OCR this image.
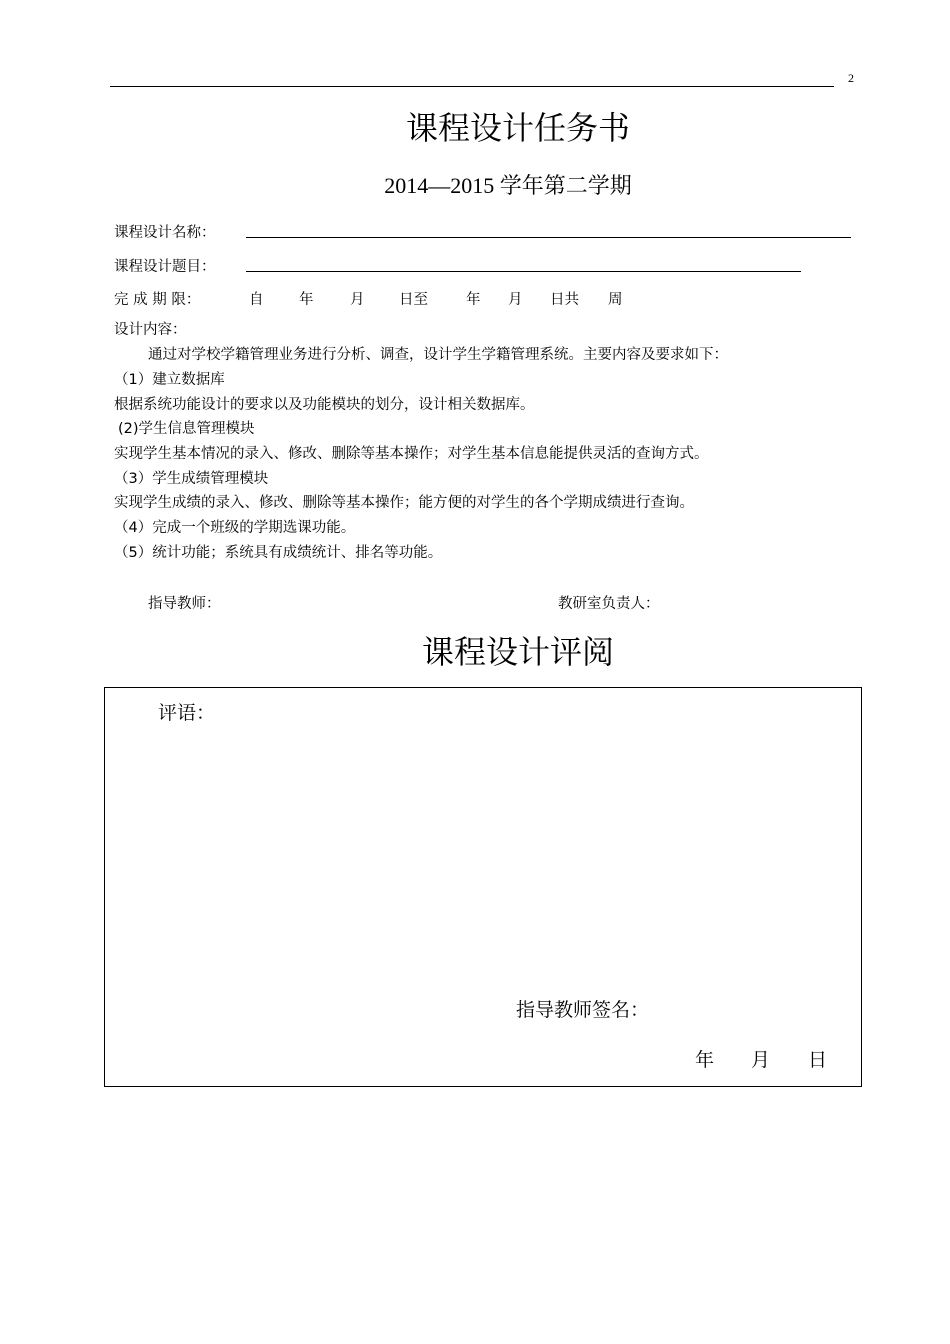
2
课程设计任务书
2014—2015 学年第二学期
课程设计名称：
课程设计题目：
完 成 期 限：	自 年	月 日至	年 月 日共 周
设计内容：
通过对学校学籍管理业务进行分析、调查，设计学生学籍管理系统。主要内容及要求如下：
（1）建立数据库
根据系统功能设计的要求以及功能模块的划分，设计相关数据库。
(2)学生信息管理模块
实现学生基本情况的录入、修改、删除等基本操作；对学生基本信息能提供灵活的查询方式。
（3）学生成绩管理模块
实现学生成绩的录入、修改、删除等基本操作；能方便的对学生的各个学期成绩进行查询。
（4）完成一个班级的学期选课功能。
（5）统计功能；系统具有成绩统计、排名等功能。
指导教师：	教研室负责人：
课程设计评阅
评语：
指导教师签名：
年 月 日
